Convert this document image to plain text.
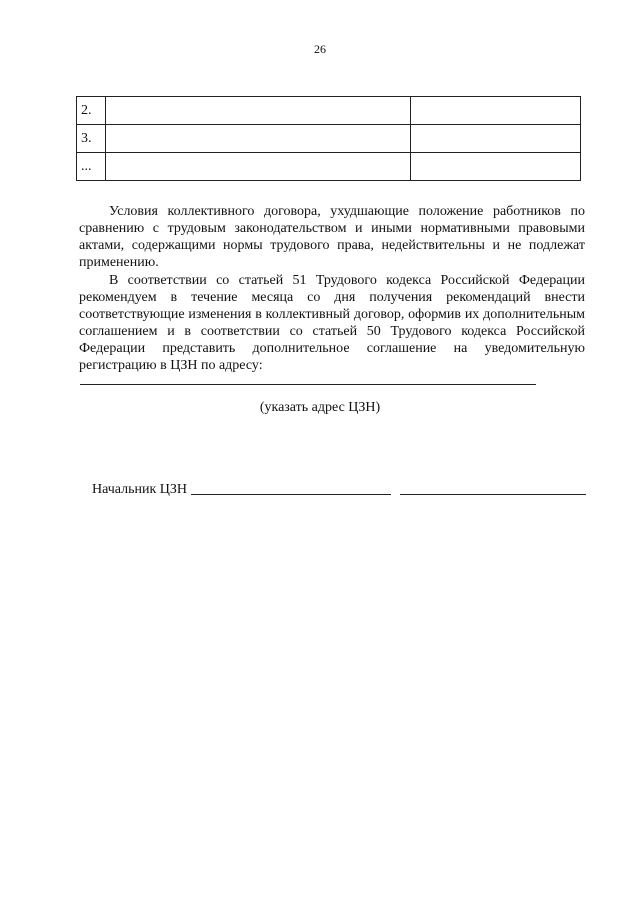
26
2.		
3.		
...		
Условия коллективного договора, ухудшающие положение работников по сравнению с трудовым законодательством и иными нормативными правовыми актами, содержащими нормы трудового права, недействительны и не подлежат применению.
В соответствии со статьей 51 Трудового кодекса Российской Федерации рекомендуем в течение месяца со дня получения рекомендаций внести соответствующие изменения в коллективный договор, оформив их дополнительным соглашением и в соответствии со статьей 50 Трудового кодекса Российской Федерации представить дополнительное соглашение на уведомительную регистрацию в ЦЗН по адресу:
(указать адрес ЦЗН)
Начальник ЦЗН
